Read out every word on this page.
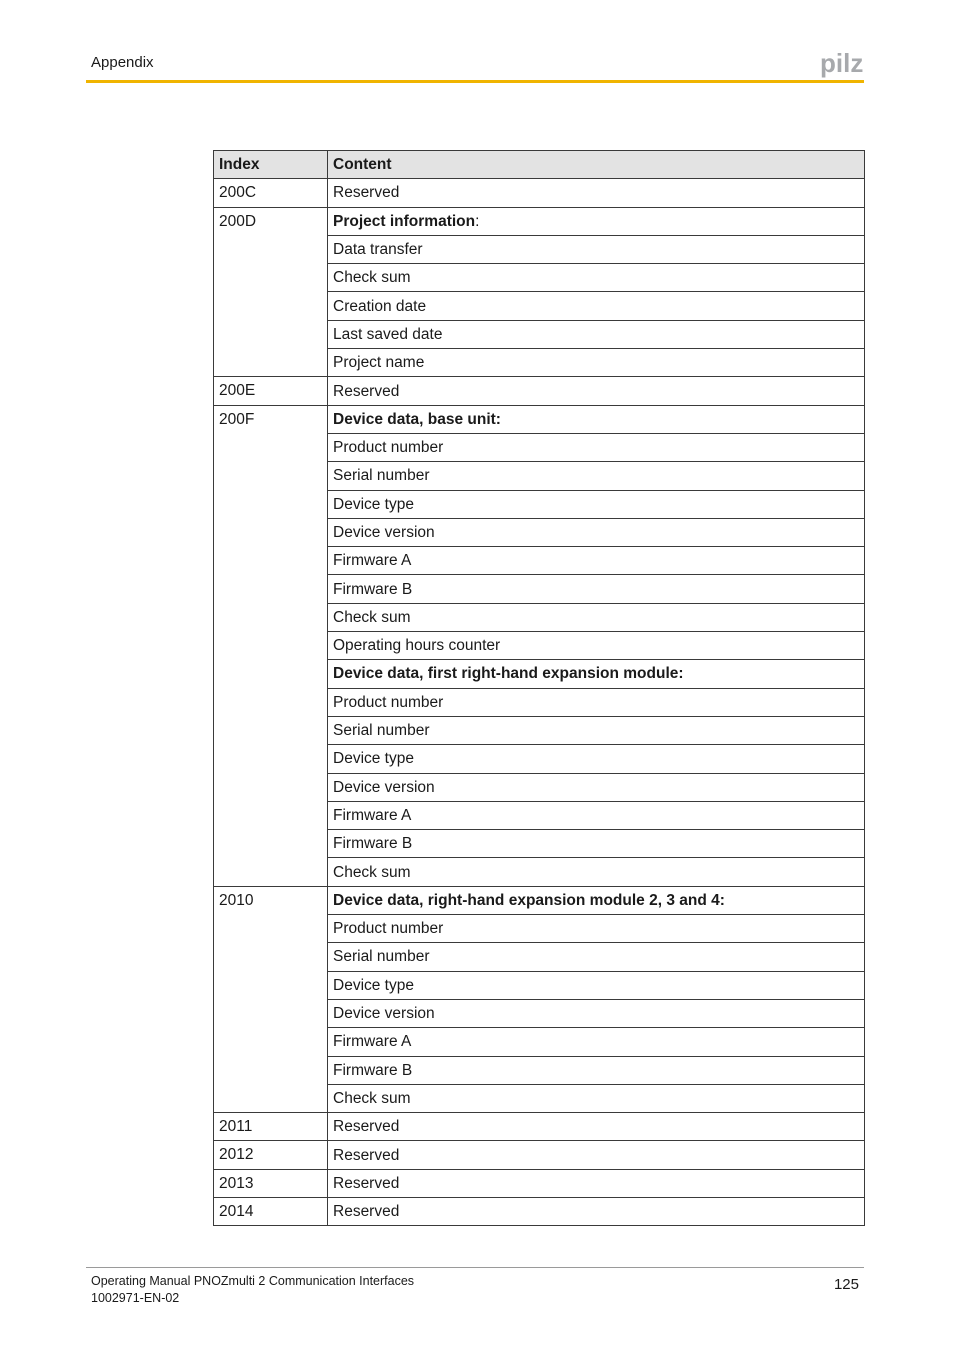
Appendix	pilz
Index	Content
200C	Reserved
200D	Project information:
	Data transfer
	Check sum
	Creation date
	Last saved date
	Project name
200E	Reserved
200F	Device data, base unit:
	Product number
	Serial number
	Device type
	Device version
	Firmware A
	Firmware B
	Check sum
	Operating hours counter
	Device data, first right-hand expansion module:
	Product number
	Serial number
	Device type
	Device version
	Firmware A
	Firmware B
	Check sum
2010	Device data, right-hand expansion module 2, 3 and 4:
	Product number
	Serial number
	Device type
	Device version
	Firmware A
	Firmware B
	Check sum
2011	Reserved
2012	Reserved
2013	Reserved
2014	Reserved
Operating Manual PNOZmulti 2 Communication Interfaces
1002971-EN-02
125
